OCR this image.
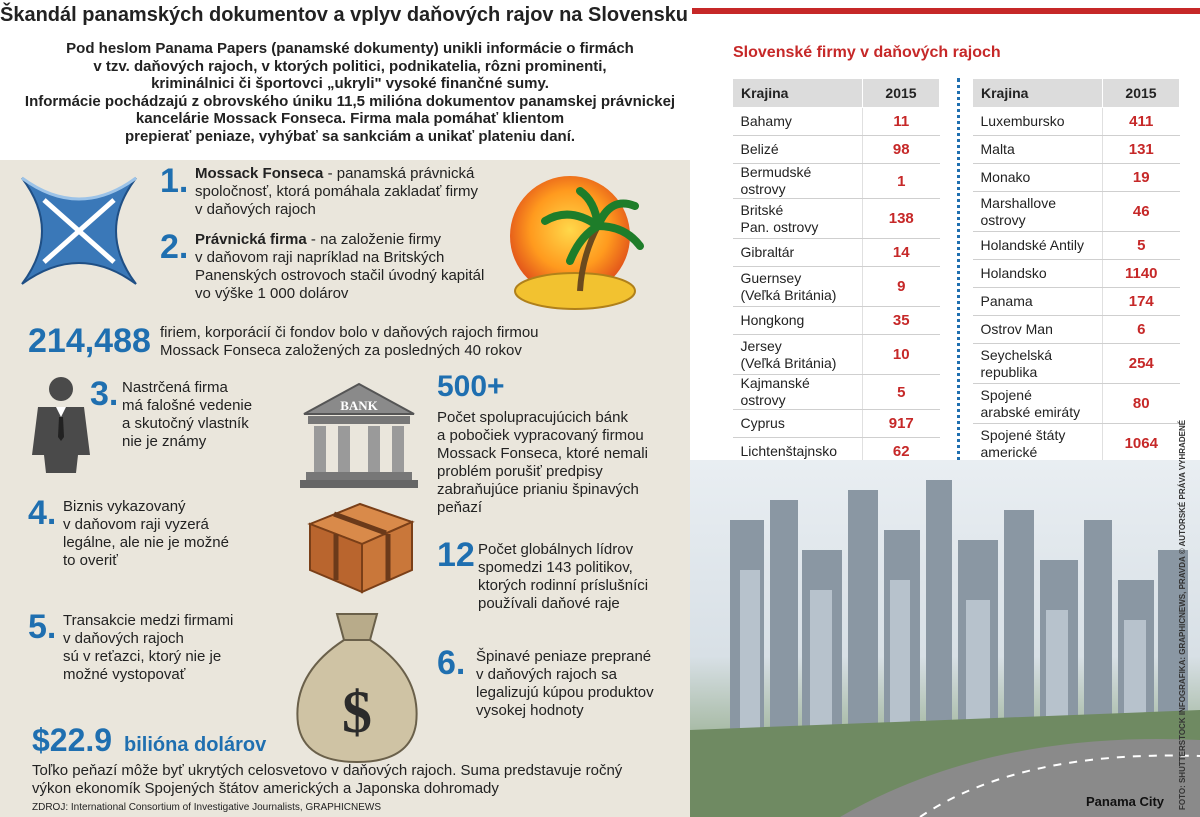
Škandál panamských dokumentov a vplyv daňových rajov na Slovensku
Pod heslom Panama Papers (panamské dokumenty) unikli informácie o firmách
v tzv. daňových rajoch, v ktorých politici, podnikatelia, rôzni prominenti,
kriminálnici či športovci „ukryli" vysoké finančné sumy.
Informácie pochádzajú z obrovského úniku 11,5 milióna dokumentov panamskej právnickej
kancelárie Mossack Fonseca. Firma mala pomáhať klientom
prepierať peniaze, vyhýbať sa sankciám a unikať plateniu daní.
1. Mossack Fonseca - panamská právnická
spoločnosť, ktorá pomáhala zakladať firmy
v daňových rajoch
2. Právnická firma - na založenie firmy
v daňovom raji napríklad na Britských
Panenských ostrovoch stačil úvodný kapitál
vo výške 1 000 dolárov
214,488 firiem, korporácií či fondov bolo v daňových rajoch firmou
Mossack Fonseca založených za posledných 40 rokov
3. Nastrčená firma
má falošné vedenie
a skutočný vlastník
nie je známy
BANK
500+
Počet spolupracujúcich bánk
a pobočiek vypracovaný firmou
Mossack Fonseca, ktoré nemali
problém porušiť predpisy
zabraňujúce prianiu špinavých
peňazí
4. Biznis vykazovaný
v daňovom raji vyzerá
legálne, ale nie je možné
to overiť	12 Počet globálnych lídrov
spomedzi 143 politikov,
ktorých rodinní príslušníci
používali daňové raje
5. Transakcie medzi firmami
v daňových rajoch
sú v reťazci, ktorý nie je
možné vystopovať
$
6. Špinavé peniaze preprané
v daňových rajoch sa
legalizujú kúpou produktov
vysokej hodnoty
$22.9 bilióna dolárov
Toľko peňazí môže byť ukrytých celosvetovo v daňových rajoch. Suma predstavuje ročný
výkon ekonomík Spojených štátov amerických a Japonska dohromady
ZDROJ: International Consortium of Investigative Journalists, GRAPHICNEWS
Slovenské firmy v daňových rajoch
Krajina	2015

Bahamy	11

Belizé	98

Bermudské ostrovy	1

Britské
Pan. ostrovy	138

Gibraltár	14

Guernsey
(Veľká Británia)	9

Hongkong	35

Jersey
(Veľká Británia)	10

Kajmanské ostrovy	5

Cyprus	917

Lichtenštajnsko	62

Krajina	2015

Luxembursko	411

Malta	131

Monako	19

Marshallove
ostrovy	46

Holandské Antily	5

Holandsko	1140

Panama	174

Ostrov Man	6

Seychelská
republika	254

Spojené
arabské emiráty	80

Spojené štáty
americké	1064
Panama City FOTO: SHUTTERSTOCK INFOGRAFIKA: GRAPHICNEWS, PRAVDA © AUTORSKÉ PRÁVA VYHRADENÉ
